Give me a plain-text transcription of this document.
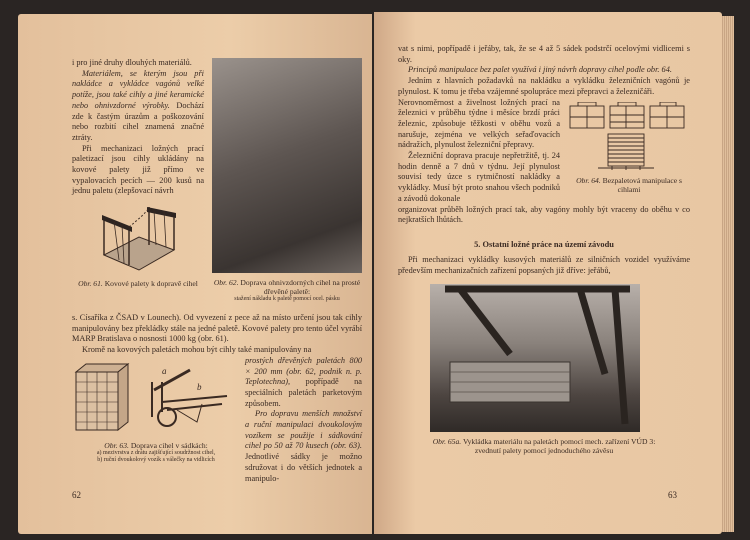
i pro jiné druhy dlouhých materiálů.

Materiálem, se kterým jsou při nakládce a vykládce vagónů velké potíže, jsou také cihly a jiné keramické nebo ohnivzdorné výrobky. Dochází zde k častým úrazům a poškozování nebo rozbití cihel znamená značné ztráty.

Při mechanizaci ložných prací paletizací jsou cihly ukládány na kovové palety již přímo ve vypalovacích pecích — 200 kusů na jednu paletu (zlepšovací návrh

Obr. 61. Kovové palety k dopravě cihel	Obr. 62. Doprava ohnivzdorných cihel na prosté dřevěné paletě:
stažení nákladu k paletě pomocí ocel. pásku

s. Císaříka z ČSAD v Lounech). Od vyvezení z pece až na místo určení jsou tak cihly manipulovány bez překládky stále na jedné paletě. Kovové palety pro tento účel vyrábí MARP Bratislava o nosnosti 1000 kg (obr. 61).

Kromě na kovových paletách mohou být cihly také manipulovány na

a
b
Obr. 63. Doprava cihel v sádkách:
a) mezivrstva z drátu zajišťující soudržnost cihel,
b) ruční dvoukolový vozík s válečky na vidlicích

prostých dřevěných paletách 800 × 200 mm (obr. 62, podnik n. p. Teplotechna), popřípadě na speciálních paletách parketovým způsobem.

Pro dopravu menších množství a ruční manipulaci dvoukolovým vozíkem se použije i sádkování cihel po 50 až 70 kusech (obr. 63). Jednotlivé sádky je možno sdružovat i do větších jednotek a manipulo-

62

vat s nimi, popřípadě i jeřáby, tak, že se 4 až 5 sádek podstrčí ocelovými vidlicemi s oky.

Principů manipulace bez palet využívá i jiný návrh dopravy cihel podle obr. 64.

Jedním z hlavních požadavků na nakládku a vykládku železničních vagónů je plynulost. K tomu je třeba vzájemné spolupráce mezi přepravci a železničáři.

Obr. 64. Bezpaletová manipulace s cihlami

Nerovnoměrnost a živelnost ložných prací na železnici v průběhu týdne i měsíce brzdí práci železnic, způsobuje těžkosti v oběhu vozů a narušuje, zejména ve velkých seřaďovacích nádražích, plynulost železniční přepravy.

Železniční doprava pracuje nepřetržitě, tj. 24 hodin denně a 7 dnů v týdnu. Její plynulost souvisí tedy úzce s rytmičností nakládky a vykládky. Musí být proto snahou všech podniků a závodů dokonale

organizovat průběh ložných prací tak, aby vagóny mohly být vraceny do oběhu v co nejkratších lhůtách.

5. Ostatní ložné práce na území závodu

Při mechanizaci vykládky kusových materiálů ze silničních vozidel využíváme především mechanizačních zařízení popsaných již dříve: jeřábů,

Obr. 65a. Vykládka materiálu na paletách pomocí mech. zařízení VÚD 3:
zvednutí palety pomocí jednoduchého závěsu
63
